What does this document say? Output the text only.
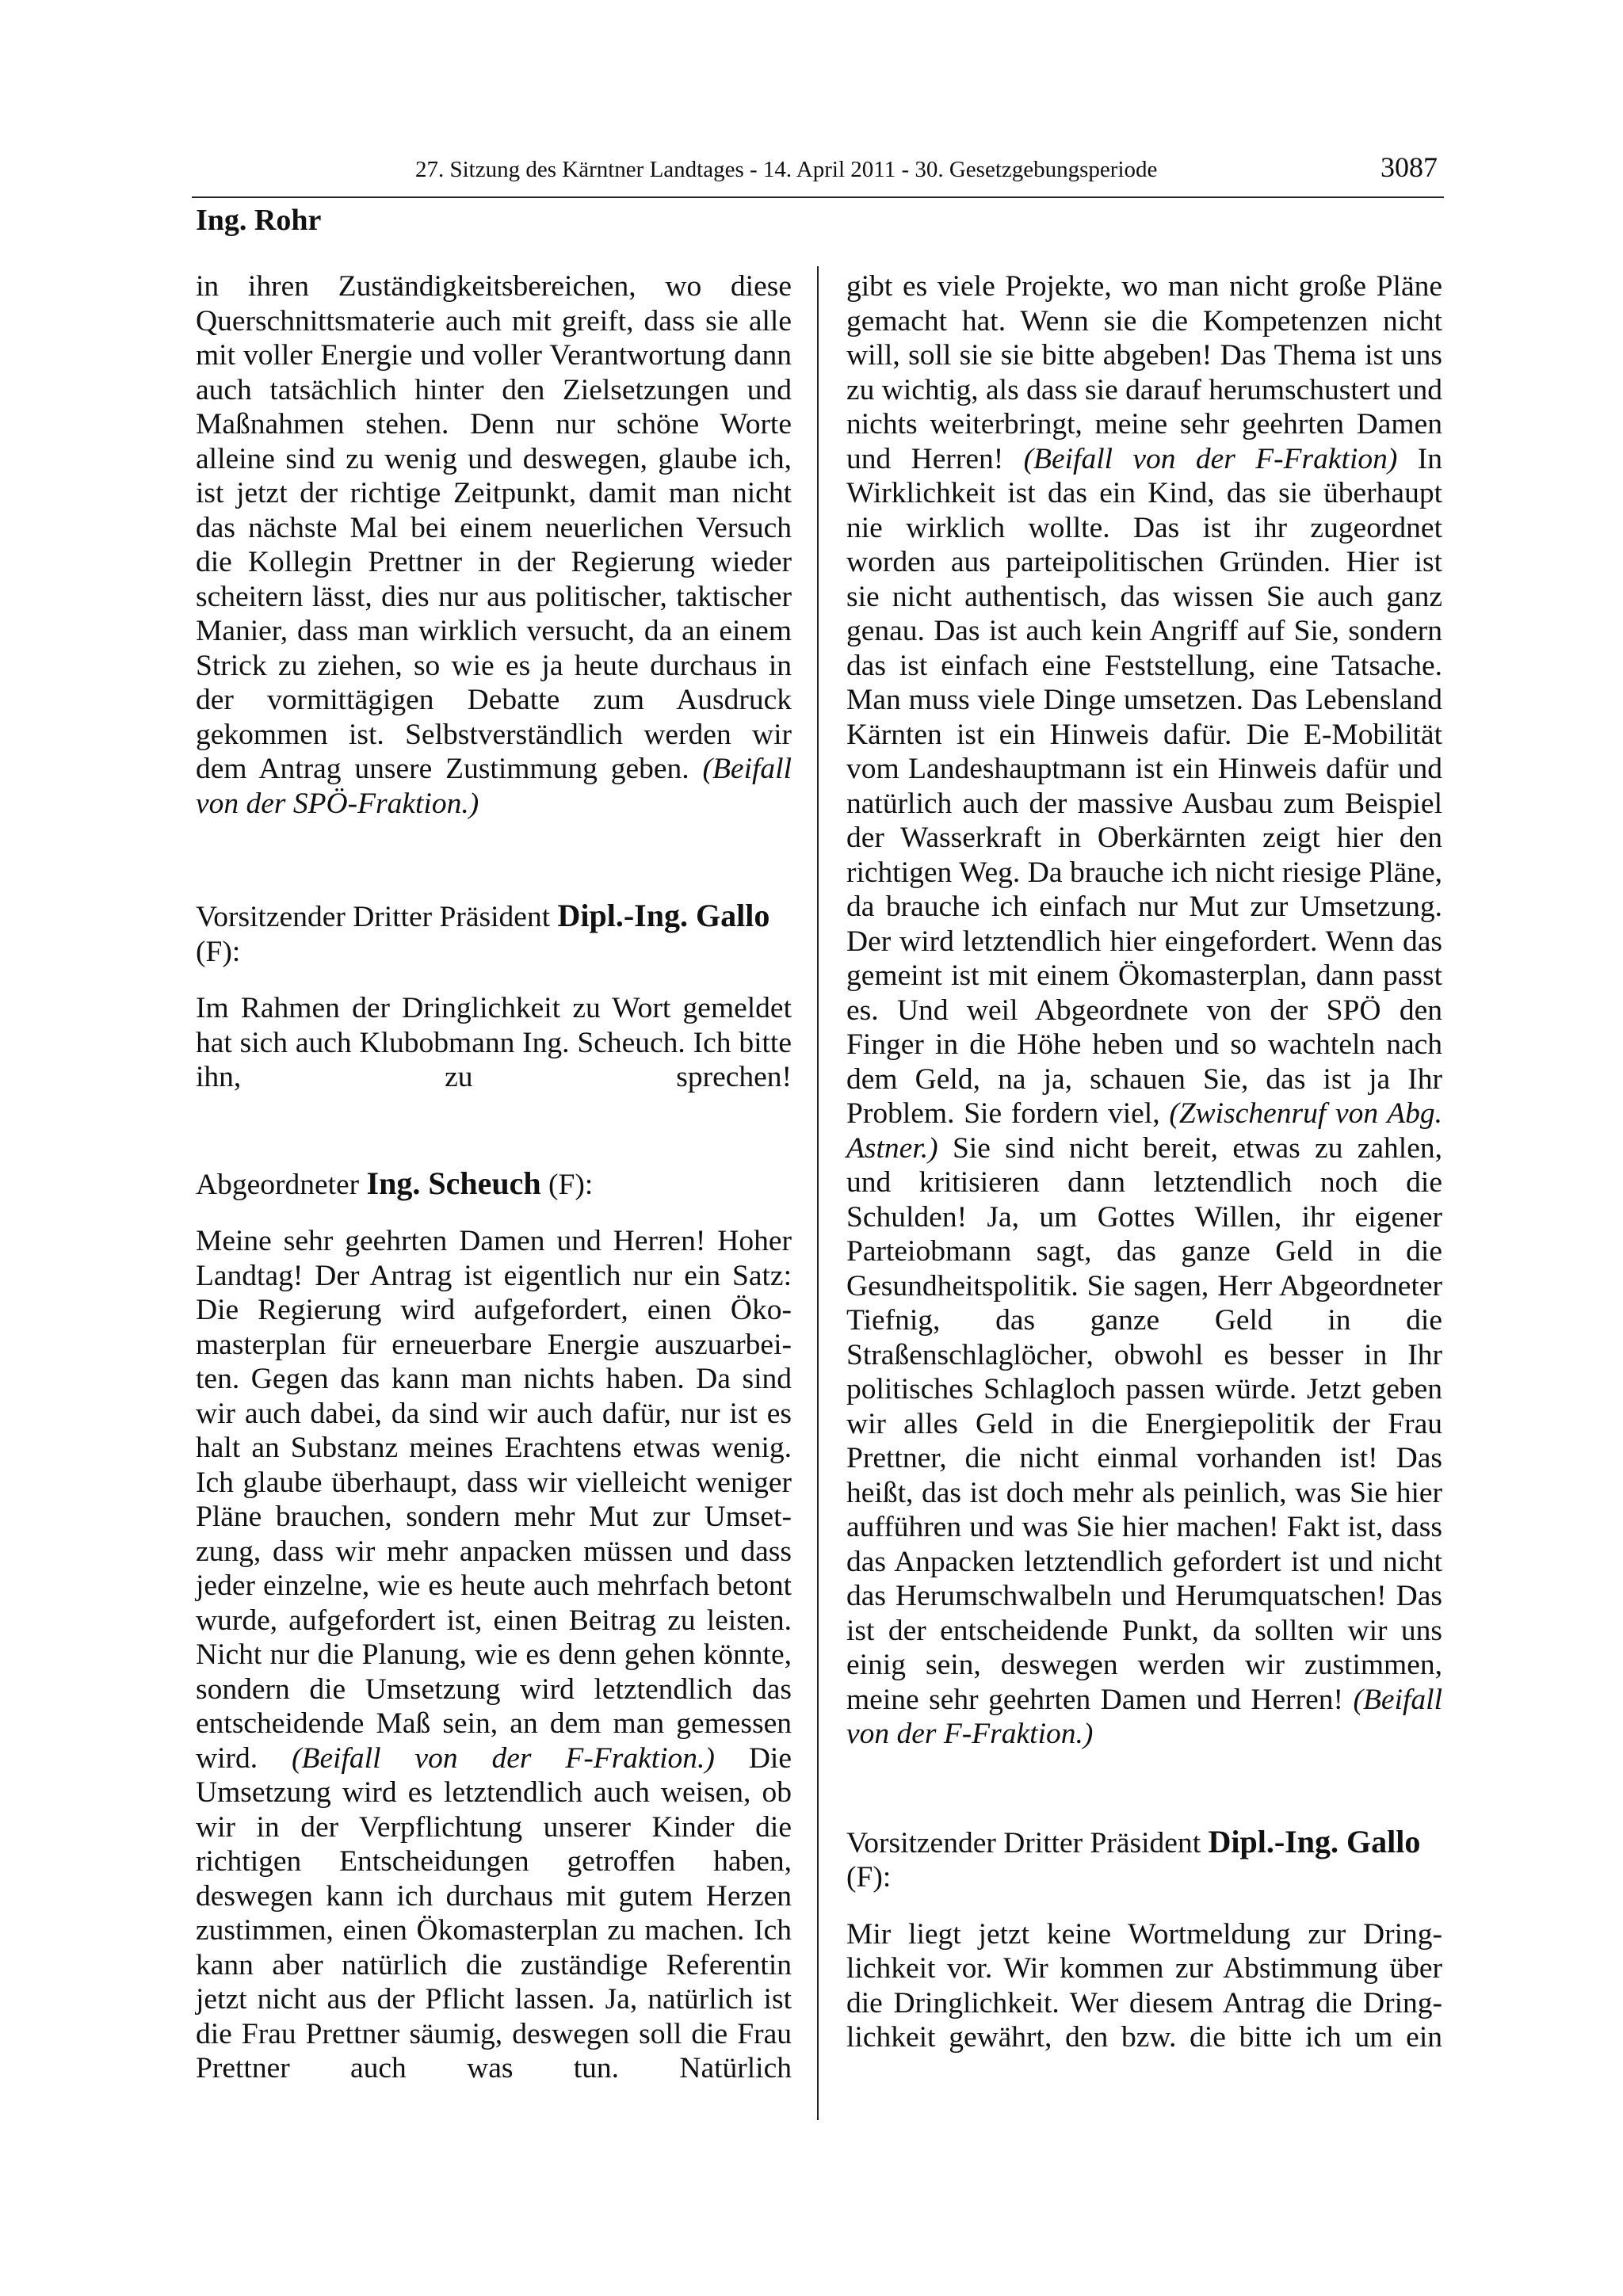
27. Sitzung des Kärntner Landtages - 14. April 2011 - 30. Gesetzgebungsperiode	3087
Ing. Rohr

in ihren Zuständigkeitsbereichen, wo diese Querschnittsmaterie auch mit greift, dass sie alle mit voller Energie und voller Verantwortung dann auch tatsächlich hinter den Zielsetzungen und Maßnahmen stehen. Denn nur schöne Worte alleine sind zu wenig und deswegen, glaube ich, ist jetzt der richtige Zeitpunkt, damit man nicht das nächste Mal bei einem neuerlichen Versuch die Kollegin Prettner in der Regierung wieder scheitern lässt, dies nur aus politischer, taktischer Manier, dass man wirklich versucht, da an einem Strick zu ziehen, so wie es ja heute durchaus in der vormittägigen Debatte zum Ausdruck gekommen ist. Selbstverständlich werden wir dem Antrag unsere Zustimmung geben. (Beifall von der SPÖ-Fraktion.)

Vorsitzender Dritter Präsident Dipl.-Ing. Gallo (F):

Im Rahmen der Dringlichkeit zu Wort gemeldet hat sich auch Klubobmann Ing. Scheuch. Ich bitte ihn, zu sprechen!

Abgeordneter Ing. Scheuch (F):

Meine sehr geehrten Damen und Herren! Hoher Landtag! Der Antrag ist eigentlich nur ein Satz: Die Regierung wird aufgefordert, einen Ökomasterplan für erneuerbare Energie auszuarbeiten. Gegen das kann man nichts haben. Da sind wir auch dabei, da sind wir auch dafür, nur ist es halt an Substanz meines Erachtens etwas wenig. Ich glaube überhaupt, dass wir vielleicht weniger Pläne brauchen, sondern mehr Mut zur Umsetzung, dass wir mehr anpacken müssen und dass jeder einzelne, wie es heute auch mehrfach betont wurde, aufgefordert ist, einen Beitrag zu leisten. Nicht nur die Planung, wie es denn gehen könnte, sondern die Umsetzung wird letztendlich das entscheidende Maß sein, an dem man gemessen wird. (Beifall von der F-Fraktion.) Die Umsetzung wird es letztendlich auch weisen, ob wir in der Verpflichtung unserer Kinder die richtigen Entscheidungen getroffen haben, deswegen kann ich durchaus mit gutem Herzen zustimmen, einen Ökomasterplan zu machen. Ich kann aber natürlich die zuständige Referentin jetzt nicht aus der Pflicht lassen. Ja, natürlich ist die Frau Prettner säumig, deswegen soll die Frau Prettner auch was tun. Natürlich

gibt es viele Projekte, wo man nicht große Pläne gemacht hat. Wenn sie die Kompetenzen nicht will, soll sie sie bitte abgeben! Das Thema ist uns zu wichtig, als dass sie darauf herumschustert und nichts weiterbringt, meine sehr geehrten Damen und Herren! (Beifall von der F-Fraktion) In Wirklichkeit ist das ein Kind, das sie überhaupt nie wirklich wollte. Das ist ihr zugeordnet worden aus parteipolitischen Gründen. Hier ist sie nicht authentisch, das wissen Sie auch ganz genau. Das ist auch kein Angriff auf Sie, sondern das ist einfach eine Feststellung, eine Tatsache. Man muss viele Dinge umsetzen. Das Lebensland Kärnten ist ein Hinweis dafür. Die E-Mobilität vom Landeshauptmann ist ein Hinweis dafür und natürlich auch der massive Ausbau zum Beispiel der Wasserkraft in Oberkärnten zeigt hier den richtigen Weg. Da brauche ich nicht riesige Pläne, da brauche ich einfach nur Mut zur Umsetzung. Der wird letztendlich hier eingefordert. Wenn das gemeint ist mit einem Ökomasterplan, dann passt es. Und weil Abgeordnete von der SPÖ den Finger in die Höhe heben und so wachteln nach dem Geld, na ja, schauen Sie, das ist ja Ihr Problem. Sie fordern viel, (Zwischenruf von Abg. Astner.) Sie sind nicht bereit, etwas zu zahlen, und kritisieren dann letztendlich noch die Schulden! Ja, um Gottes Willen, ihr eigener Parteiobmann sagt, das ganze Geld in die Gesundheitspolitik. Sie sagen, Herr Abgeordneter Tiefnig, das ganze Geld in die Straßenschlaglöcher, obwohl es besser in Ihr politisches Schlagloch passen würde. Jetzt geben wir alles Geld in die Energiepolitik der Frau Prettner, die nicht einmal vorhanden ist! Das heißt, das ist doch mehr als peinlich, was Sie hier aufführen und was Sie hier machen! Fakt ist, dass das Anpacken letztendlich gefordert ist und nicht das Herumschwalbeln und Herumquatschen! Das ist der entscheidende Punkt, da sollten wir uns einig sein, deswegen werden wir zustimmen, meine sehr geehrten Damen und Herren! (Beifall von der F-Fraktion.)

Vorsitzender Dritter Präsident Dipl.-Ing. Gallo (F):

Mir liegt jetzt keine Wortmeldung zur Dringlichkeit vor. Wir kommen zur Abstimmung über die Dringlichkeit. Wer diesem Antrag die Dringlichkeit gewährt, den bzw. die bitte ich um ein
